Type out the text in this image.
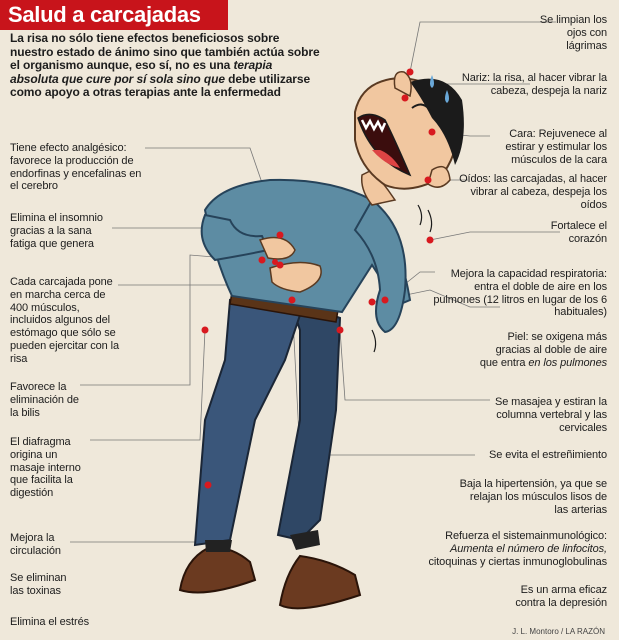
Salud a carcajadas
La risa no sólo tiene efectos beneficiosos sobre nuestro estado de ánimo sino que también actúa sobre el organismo aunque, eso sí, no es una terapia absoluta que cure por sí sola sino que debe utilizarse como apoyo a otras terapias ante la enfermedad
Tiene efecto analgésico: favorece la producción de endorfinas y encefalinas en el cerebro
Elimina el insomnio gracias a la sana fatiga que genera
Cada carcajada pone en marcha cerca de 400 músculos, incluidos algunos del estómago que sólo se pueden ejercitar con la risa
Favorece la eliminación de la bilis
El diafragma origina un masaje interno que facilita la digestión
Mejora la circulación
Se eliminan las toxinas
Elimina el estrés
Se limpian los ojos con lágrimas
Nariz: la risa, al hacer vibrar la cabeza, despeja la nariz
Cara: Rejuvenece al estirar y estimular los músculos de la cara
Oídos: las carcajadas, al hacer vibrar al cabeza, despeja los oídos
Fortalece el corazón
Mejora la capacidad respiratoria: entra el doble de aire en los pulmones (12 litros en lugar de los 6 habituales)
Piel: se oxigena más gracias al doble de aire que entra en los pulmones
Se masajea y estiran la columna vertebral y las cervicales
Se evita el estreñimiento
Baja la hipertensión, ya que se relajan los músculos lisos de las arterias
Refuerza el sistemainmunológico: Aumenta el número de linfocitos, citoquinas y ciertas inmunoglobulinas
Es un arma eficaz contra la depresión
J. L. Montoro / LA RAZÓN
